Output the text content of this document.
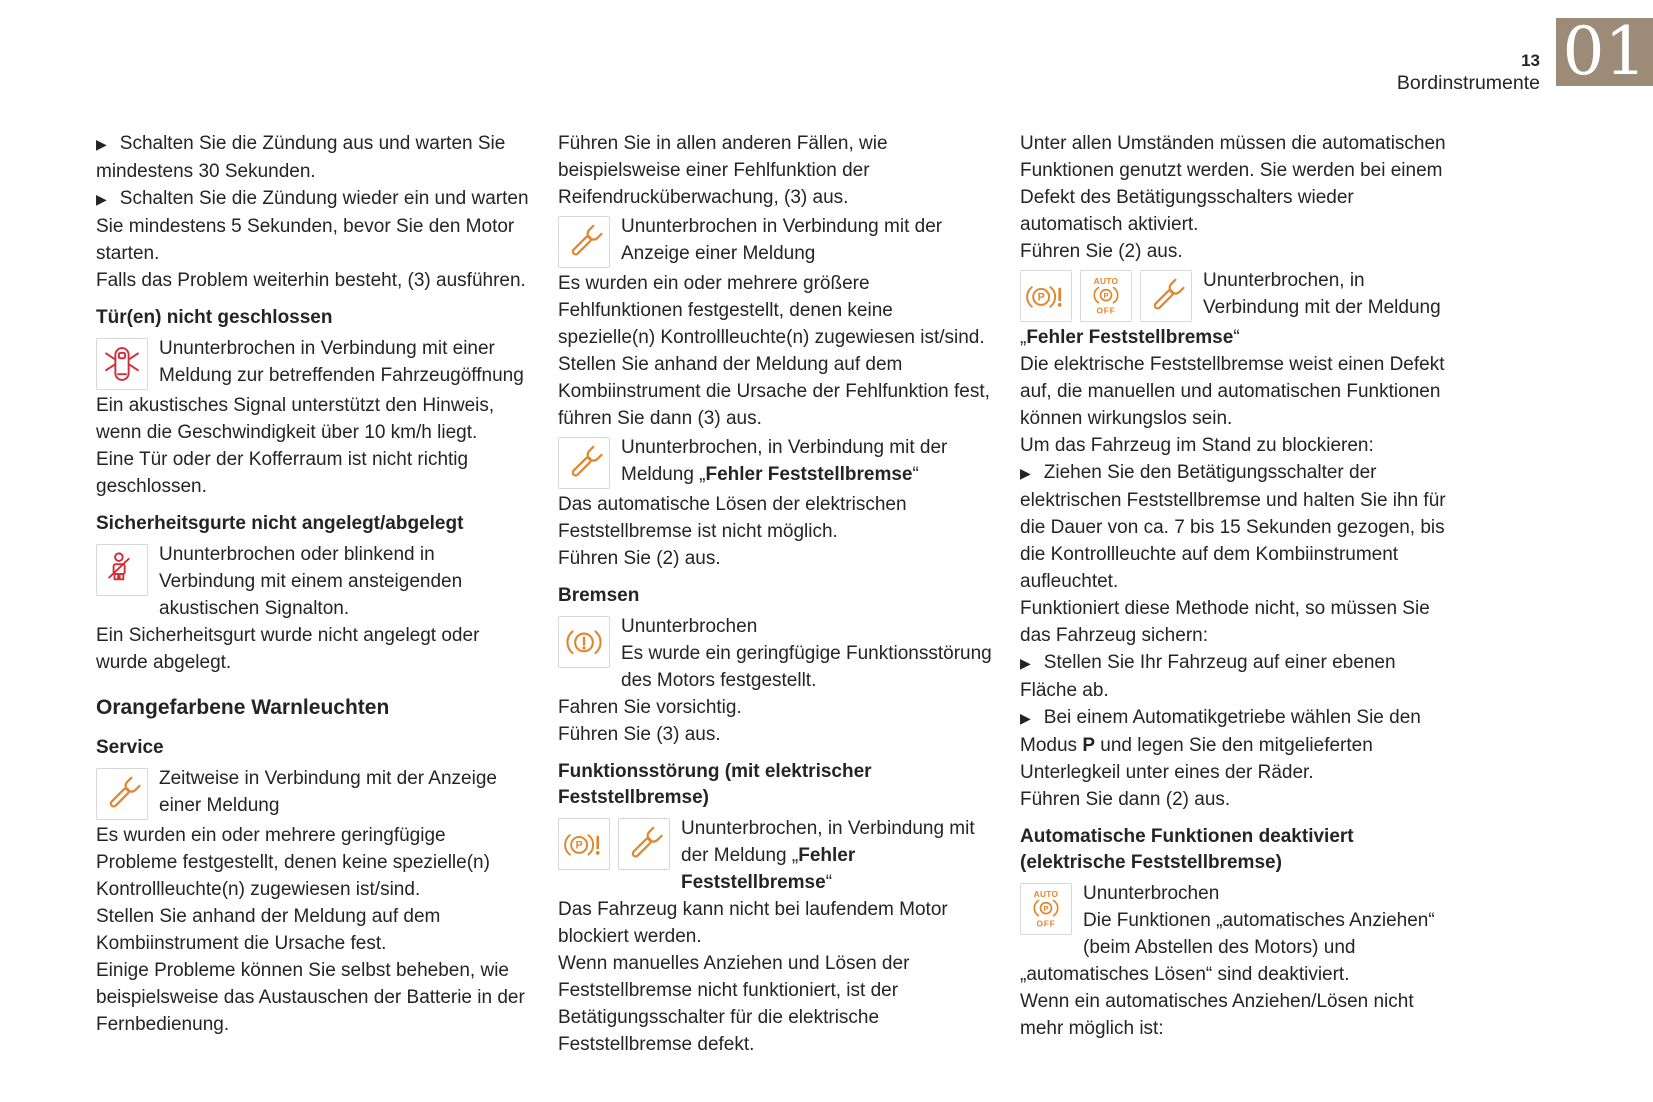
01
13
Bordinstrumente

▶ Schalten Sie die Zündung aus und warten Sie mindestens 30 Sekunden.

▶ Schalten Sie die Zündung wieder ein und warten Sie mindestens 5 Sekunden, bevor Sie den Motor starten.

Falls das Problem weiterhin besteht, (3) ausführen.

Tür(en) nicht geschlossen

Ununterbrochen in Verbindung mit einer Meldung zur betreffenden Fahrzeugöffnung

Ein akustisches Signal unterstützt den Hinweis, wenn die Geschwindigkeit über 10 km/h liegt.

Eine Tür oder der Kofferraum ist nicht richtig geschlossen.

Sicherheitsgurte nicht angelegt/abgelegt

Ununterbrochen oder blinkend in Verbindung mit einem ansteigenden akustischen Signalton.

Ein Sicherheitsgurt wurde nicht angelegt oder wurde abgelegt.

Orangefarbene Warnleuchten
Service

Zeitweise in Verbindung mit der Anzeige einer Meldung

Es wurden ein oder mehrere geringfügige Probleme festgestellt, denen keine spezielle(n) Kontrollleuchte(n) zugewiesen ist/sind.

Stellen Sie anhand der Meldung auf dem Kombiinstrument die Ursache fest.

Einige Probleme können Sie selbst beheben, wie beispielsweise das Austauschen der Batterie in der Fernbedienung.

Führen Sie in allen anderen Fällen, wie beispielsweise einer Fehlfunktion der Reifendrucküberwachung, (3) aus.

Ununterbrochen in Verbindung mit der Anzeige einer Meldung

Es wurden ein oder mehrere größere Fehlfunktionen festgestellt, denen keine spezielle(n) Kontrollleuchte(n) zugewiesen ist/sind.

Stellen Sie anhand der Meldung auf dem Kombiinstrument die Ursache der Fehlfunktion fest, führen Sie dann (3) aus.

Ununterbrochen, in Verbindung mit der Meldung „Fehler Feststellbremse“

Das automatische Lösen der elektrischen Feststellbremse ist nicht möglich.

Führen Sie (2) aus.

Bremsen

Ununterbrochen
Es wurde ein geringfügige Funktionsstörung des Motors festgestellt.

Fahren Sie vorsichtig.

Führen Sie (3) aus.

Funktionsstörung (mit elektrischer Feststellbremse)
P

Ununterbrochen, in Verbindung mit der Meldung „Fehler Feststellbremse“

Das Fahrzeug kann nicht bei laufendem Motor blockiert werden.

Wenn manuelles Anziehen und Lösen der Feststellbremse nicht funktioniert, ist der Betätigungsschalter für die elektrische Feststellbremse defekt.

Unter allen Umständen müssen die automatischen Funktionen genutzt werden. Sie werden bei einem Defekt des Betätigungsschalters wieder automatisch aktiviert.

Führen Sie (2) aus.

P
AUTO
P
OFF

Ununterbrochen, in Verbindung mit der Meldung

„Fehler Feststellbremse“

Die elektrische Feststellbremse weist einen Defekt auf, die manuellen und automatischen Funktionen können wirkungslos sein.

Um das Fahrzeug im Stand zu blockieren:

▶ Ziehen Sie den Betätigungsschalter der elektrischen Feststellbremse und halten Sie ihn für die Dauer von ca. 7 bis 15 Sekunden gezogen, bis die Kontrollleuchte auf dem Kombiinstrument aufleuchtet.

Funktioniert diese Methode nicht, so müssen Sie das Fahrzeug sichern:

▶ Stellen Sie Ihr Fahrzeug auf einer ebenen Fläche ab.

▶ Bei einem Automatikgetriebe wählen Sie den Modus P und legen Sie den mitgelieferten Unterlegkeil unter eines der Räder.

Führen Sie dann (2) aus.

Automatische Funktionen deaktiviert (elektrische Feststellbremse)
AUTO
P
OFF

Ununterbrochen
Die Funktionen „automatisches Anziehen“ (beim Abstellen des Motors) und „automatisches Lösen“ sind deaktiviert.

Wenn ein automatisches Anziehen/Lösen nicht mehr möglich ist:
